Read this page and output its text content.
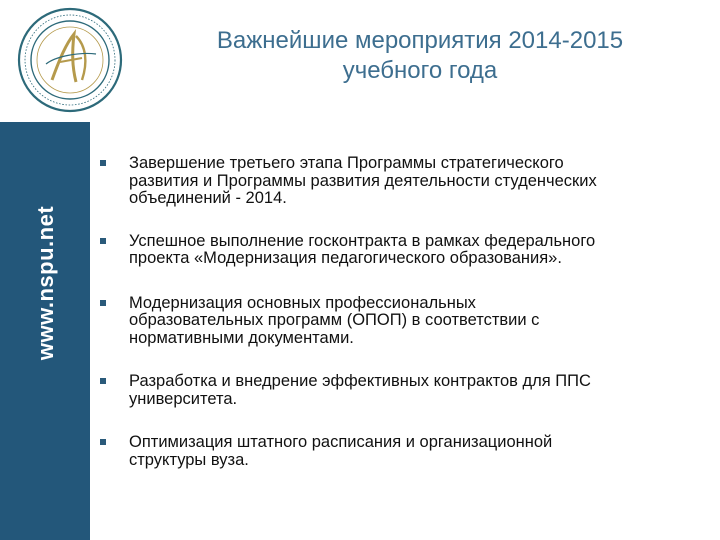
www.nspu.net
Важнейшие мероприятия 2014-2015
учебного года
Завершение третьего этапа Программы стратегического
развития и Программы развития деятельности студенческих
объединений - 2014.
Успешное выполнение госконтракта в рамках федерального
проекта «Модернизация педагогического образования».
Модернизация основных профессиональных
образовательных программ (ОПОП) в соответствии с
нормативными документами.
Разработка и внедрение эффективных контрактов для ППС
университета.
Оптимизация штатного расписания и организационной
структуры вуза.
